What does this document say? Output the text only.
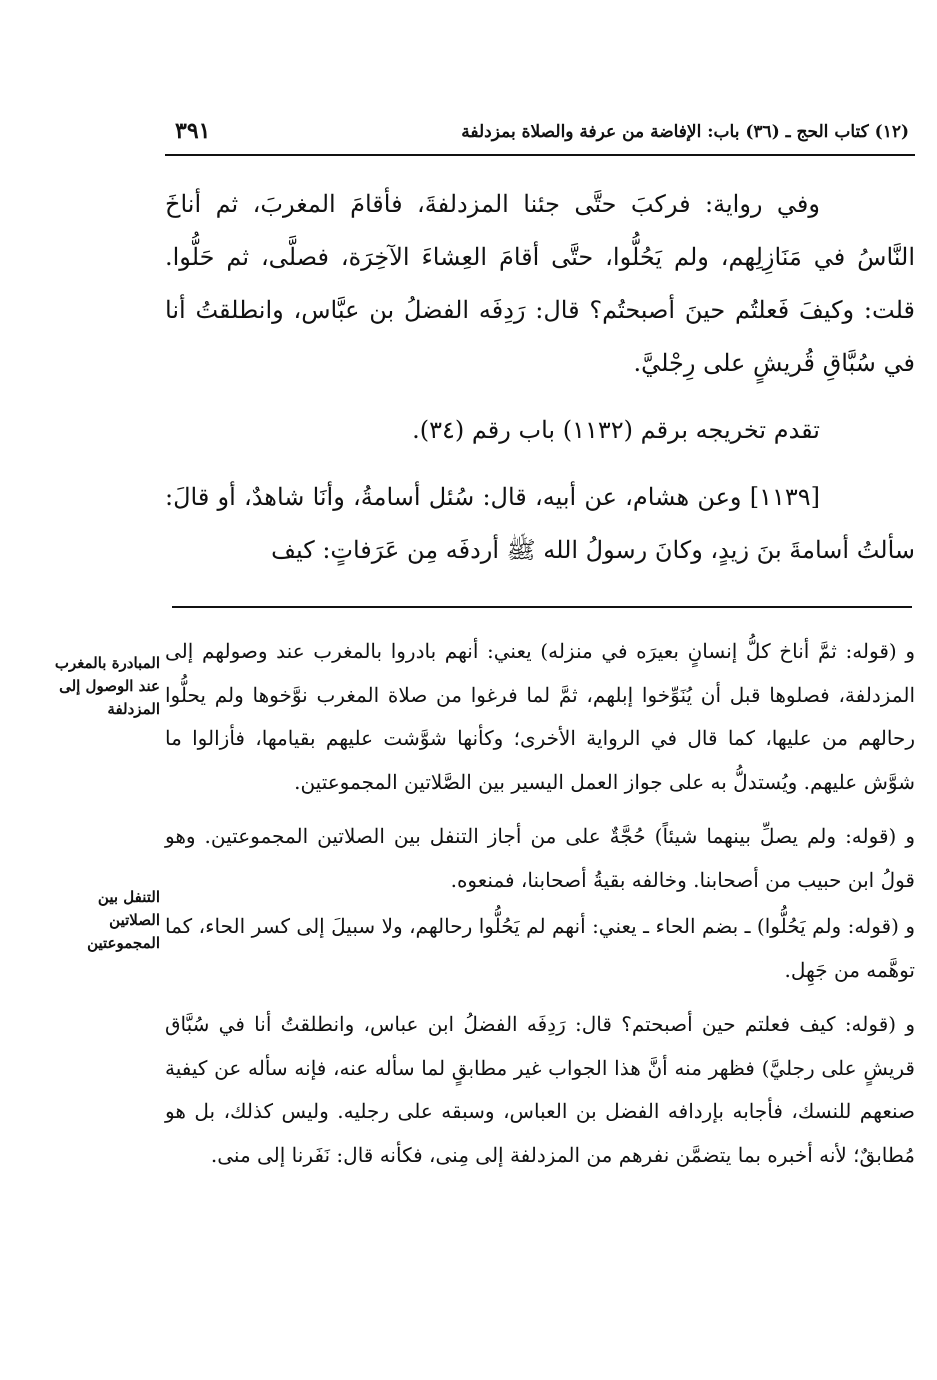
(١٢) كتاب الحج ـ (٣٦) باب: الإفاضة من عرفة والصلاة بمزدلفة
٣٩١

وفي رواية: فركبَ حتَّى جئنا المزدلفةَ، فأقامَ المغربَ، ثم أناخَ النَّاسُ في مَنَازِلِهم، ولم يَحُلُّوا، حتَّى أقامَ العِشاءَ الآخِرَة، فصلَّى، ثم حَلُّوا. قلت: وكيفَ فَعلتُم حينَ أصبحتُم؟ قال: رَدِفَه الفضلُ بن عبَّاس، وانطلقتُ أنا في سُبَّاقِ قُريشٍ على رِجْليَّ.

تقدم تخريجه برقم (١١٣٢) باب رقم (٣٤).

[١١٣٩] وعن هشام، عن أبيه، قال: سُئل أسامةُ، وأنَا شاهدٌ، أو قالَ: سألتُ أسامةَ بنَ زيدٍ، وكانَ رسولُ الله ﷺ أردفَه مِن عَرَفاتٍ: كيف

و (قوله: ثمَّ أناخ كلُّ إنسانٍ بعيرَه في منزله) يعني: أنهم بادروا بالمغرب عند وصولهم إلى المزدلفة، فصلوها قبل أن يُنَوِّخوا إبلهم، ثمَّ لما فرغوا من صلاة المغرب نوَّخوها ولم يحلُّوا رحالهم من عليها، كما قال في الرواية الأخرى؛ وكأنها شوَّشت عليهم بقيامها، فأزالوا ما شوَّش عليهم. ويُستدلُّ به على جواز العمل اليسير بين الصَّلاتين المجموعتين.

و (قوله: ولم يصلِّ بينهما شيئاً) حُجَّةٌ على من أجاز التنفل بين الصلاتين المجموعتين. وهو قولُ ابن حبيب من أصحابنا. وخالفه بقيةُ أصحابنا، فمنعوه.

و (قوله: ولم يَحُلُّوا) ـ بضم الحاء ـ يعني: أنهم لم يَحُلُّوا رحالهم، ولا سبيلَ إلى كسر الحاء، كما توهَّمه من جَهِل.

و (قوله: كيف فعلتم حين أصبحتم؟ قال: رَدِفَه الفضلُ ابن عباس، وانطلقتُ أنا في سُبَّاق قريشٍ على رجليَّ) فظهر منه أنَّ هذا الجواب غير مطابقٍ لما سأله عنه، فإنه سأله عن كيفية صنعهم للنسك، فأجابه بإردافه الفضل بن العباس، وسبقه على رجليه. وليس كذلك، بل هو مُطابقٌ؛ لأنه أخبره بما يتضمَّن نفرهم من المزدلفة إلى مِنى، فكأنه قال: نَفَرنا إلى منى.

المبادرة بالمغرب عند الوصول إلى المزدلفة
التنفل بين الصلاتين المجموعتين
